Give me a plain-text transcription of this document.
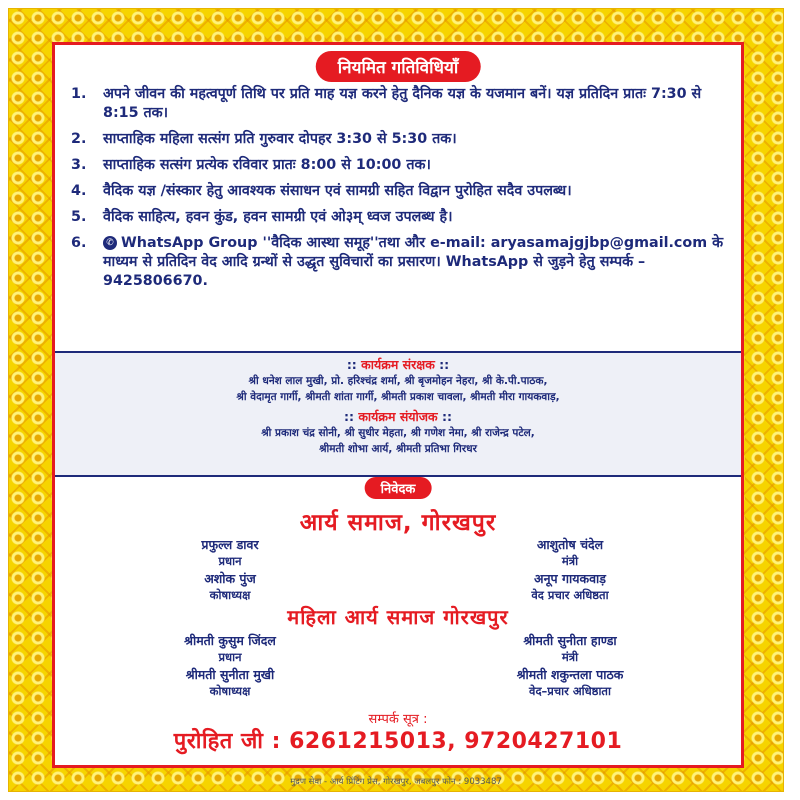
नियमित गतिविधियाँ
1. अपने जीवन की महत्वपूर्ण तिथि पर प्रति माह यज्ञ करने हेतु दैनिक यज्ञ के यजमान बनें। यज्ञ प्रतिदिन प्रातः 7:30 से 8:15 तक।
2. साप्ताहिक महिला सत्संग प्रति गुरुवार दोपहर 3:30 से 5:30 तक।
3. साप्ताहिक सत्संग प्रत्येक रविवार प्रातः 8:00 से 10:00 तक।
4. वैदिक यज्ञ /संस्कार हेतु आवश्यक संसाधन एवं सामग्री सहित विद्वान पुरोहित सदैव उपलब्ध।
5. वैदिक साहित्य, हवन कुंड, हवन सामग्री एवं ओ३म् ध्वज उपलब्ध है।
6. ✆ WhatsApp Group ''वैदिक आस्था समूह''तथा और e-mail: aryasamajgjbp@gmail.com के माध्यम से प्रतिदिन वेद आदि ग्रन्थों से उद्धृत सुविचारों का प्रसारण। WhatsApp से जुड़ने हेतु सम्पर्क – 9425806670.
:: कार्यक्रम संरक्षक ::
श्री धनेश लाल मुखी, प्रो. हरिश्चंद्र शर्मा, श्री बृजमोहन नेहरा, श्री के.पी.पाठक,
श्री वेदामृत गार्गी, श्रीमती शांता गार्गी, श्रीमती प्रकाश चावला, श्रीमती मीरा गायकवाड़,
:: कार्यक्रम संयोजक ::
श्री प्रकाश चंद्र सोनी, श्री सुधीर मेहता, श्री गणेश नेमा, श्री राजेन्द्र पटेल,
श्रीमती शोभा आर्य, श्रीमती प्रतिभा गिरधर
निवेदक
आर्य समाज, गोरखपुर
प्रफुल्ल डावर
प्रधान
आशुतोष चंदेल
मंत्री
अशोक पुंज
कोषाध्यक्ष
अनूप गायकवाड़
वेद प्रचार अधिष्ठता
महिला आर्य समाज गोरखपुर
श्रीमती कुसुम जिंदल
प्रधान
श्रीमती सुनीता हाण्डा
मंत्री
श्रीमती सुनीता मुखी
कोषाध्यक्ष
श्रीमती शकुन्तला पाठक
वेद–प्रचार अधिष्ठाता
सम्पर्क सूत्र :
पुरोहित जी : 6261215013, 9720427101
मुद्रण सेवा - आर्य प्रिंटिंग प्रेस, गोरखपुर, जबलपुर फोन : 9033487
